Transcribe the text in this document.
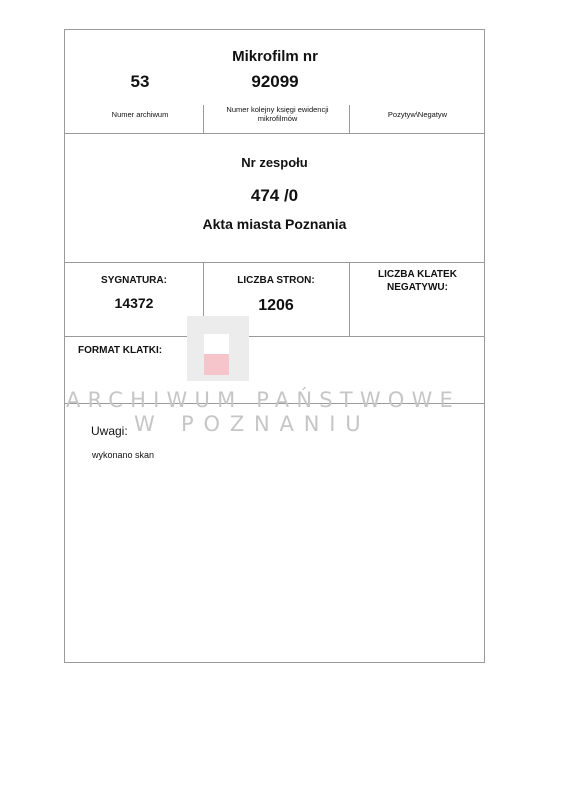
Mikrofilm nr
53	92099
Numer archiwum
Numer kolejny księgi ewidencji mikrofilmów	Pozytyw\Negatyw
Nr zespołu
474 /0
Akta miasta Poznania
SYGNATURA:
14372
LICZBA STRON:
1206
LICZBA KLATEK NEGATYWU:
FORMAT KLATKI:
Uwagi:
wykonano skan
ARCHIWUM PAŃSTWOWE
W POZNANIU
